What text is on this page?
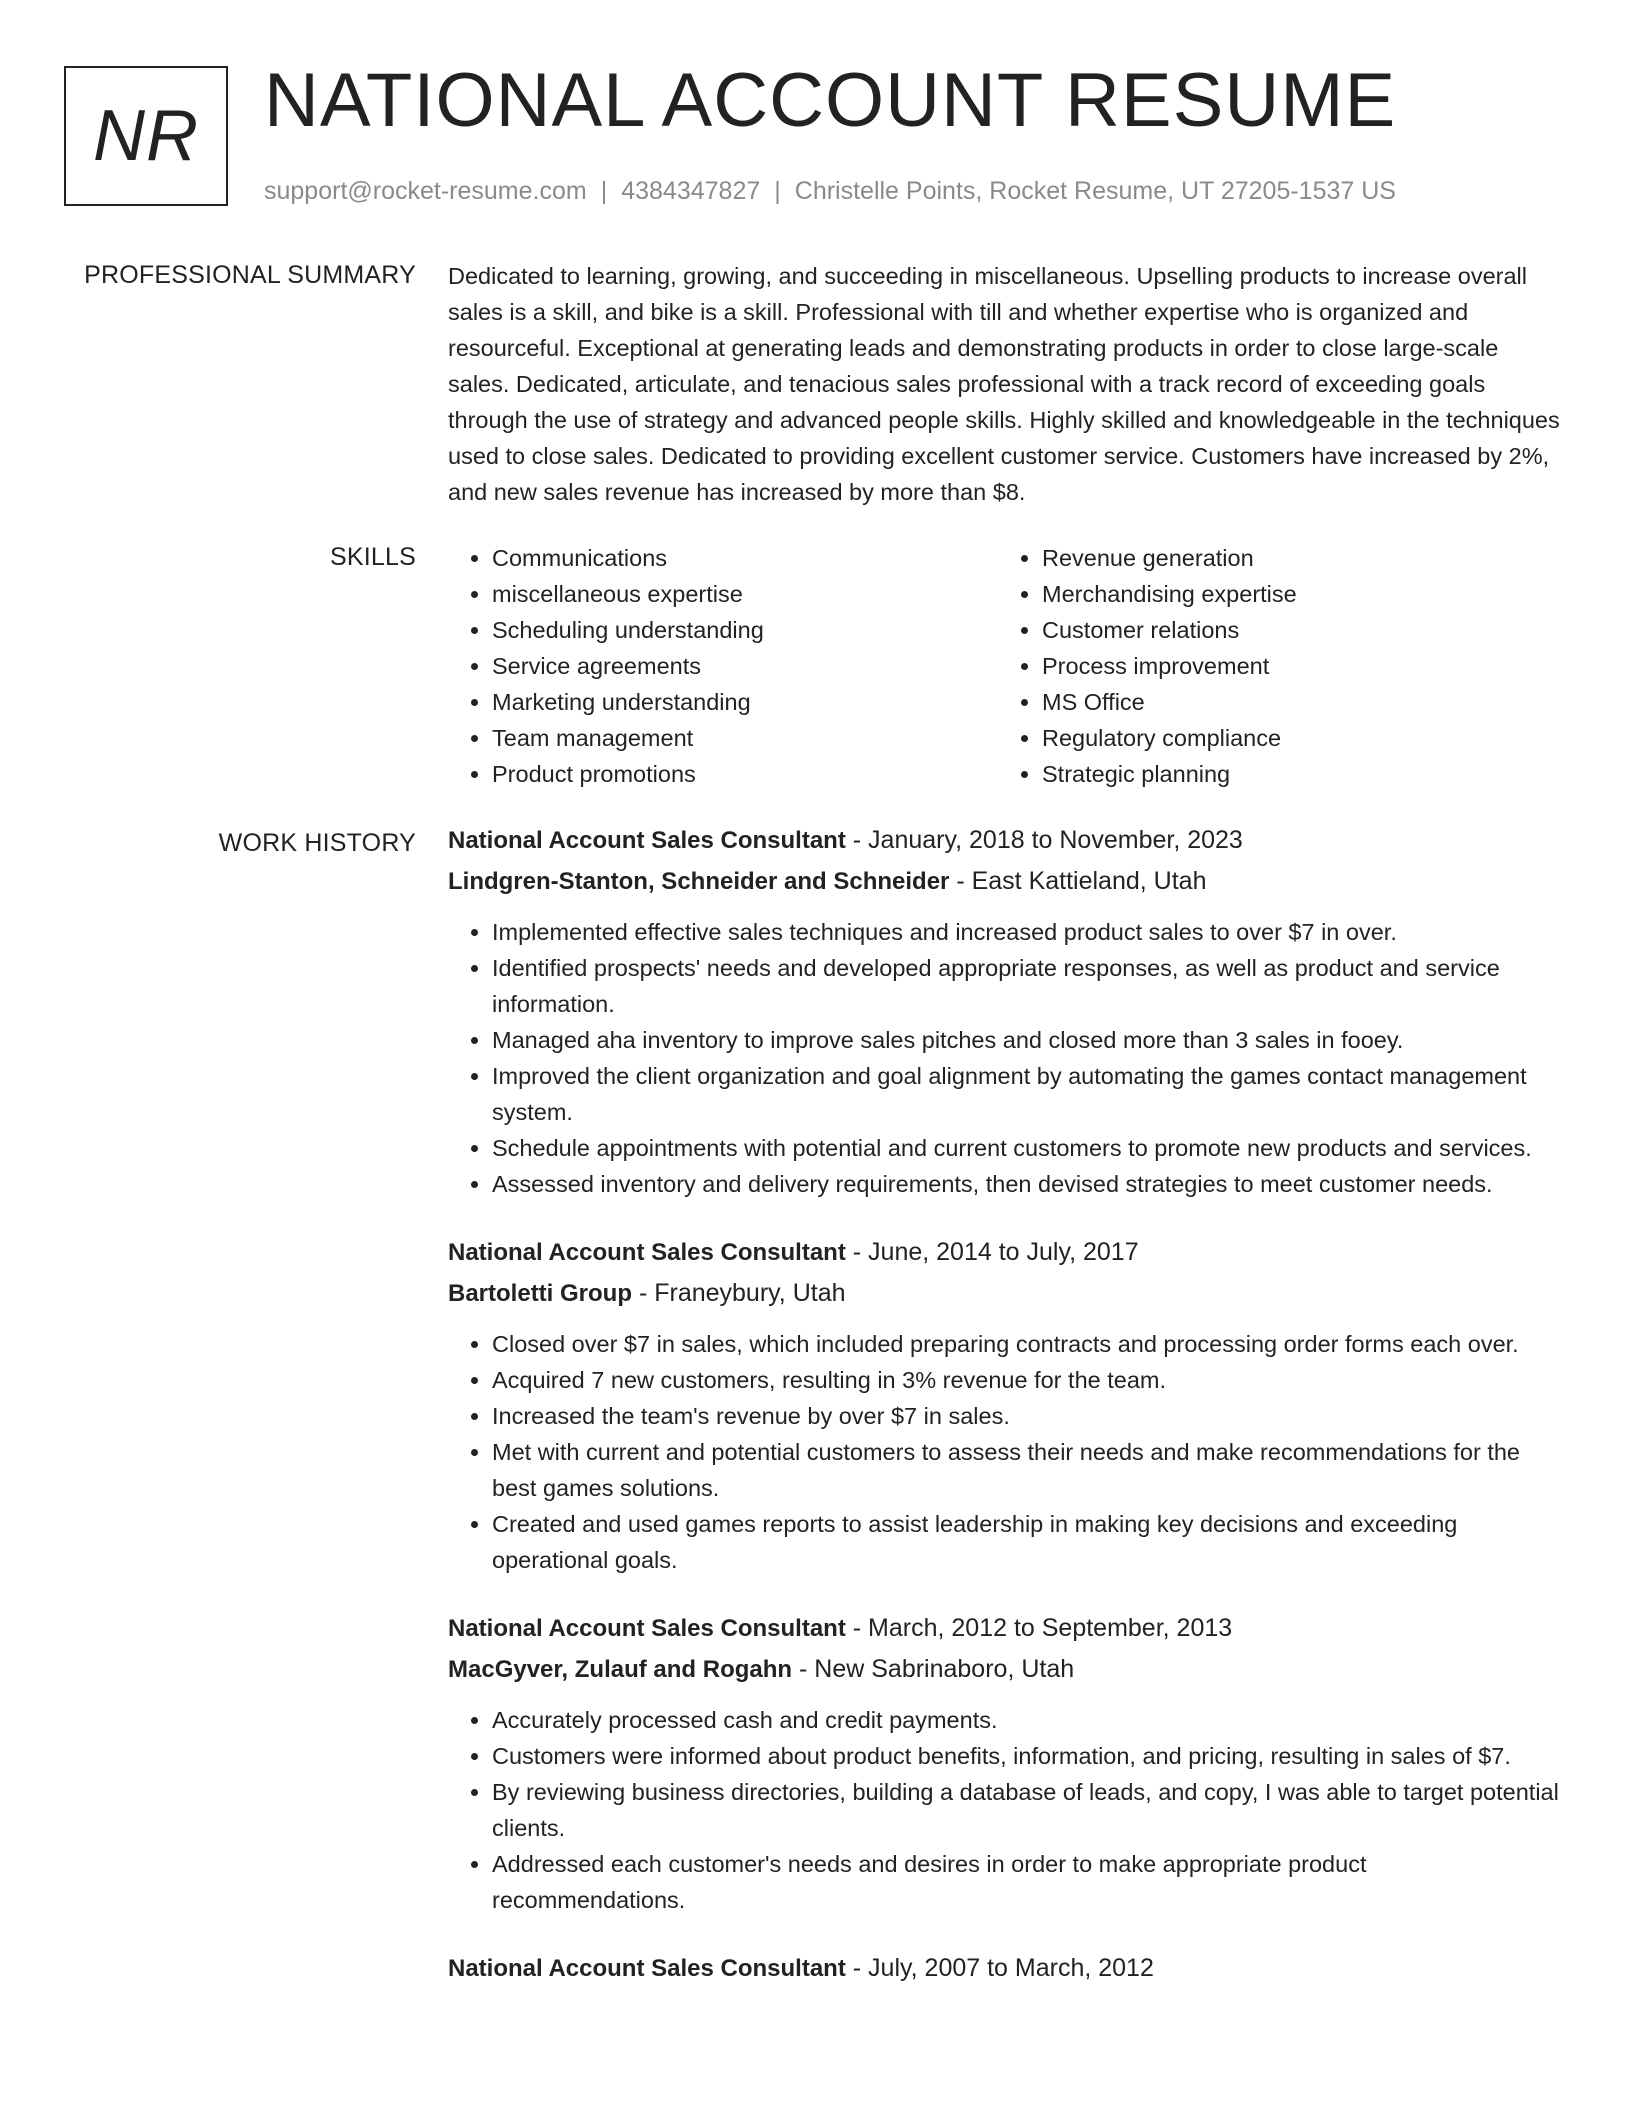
NR NATIONAL ACCOUNT RESUME
support@rocket-resume.com | 4384347827 | Christelle Points, Rocket Resume, UT 27205-1537 US
PROFESSIONAL SUMMARY Dedicated to learning, growing, and succeeding in miscellaneous. Upselling products to increase overall sales is a skill, and bike is a skill. Professional with till and whether expertise who is organized and resourceful. Exceptional at generating leads and demonstrating products in order to close large-scale sales. Dedicated, articulate, and tenacious sales professional with a track record of exceeding goals through the use of strategy and advanced people skills. Highly skilled and knowledgeable in the techniques used to close sales. Dedicated to providing excellent customer service. Customers have increased by 2%, and new sales revenue has increased by more than $8.

SKILLS
•	Communications
• miscellaneous expertise
• Scheduling understanding
• Service agreements
• Marketing understanding
• Team management
• Product promotions
• Revenue generation
• Merchandising expertise
• Customer relations
• Process improvement
• MS Office
• Regulatory compliance
• Strategic planning
WORK HISTORY National Account Sales Consultant - January, 2018 to November, 2023
Lindgren-Stanton, Schneider and Schneider - East Kattieland, Utah
• Implemented effective sales techniques and increased product sales to over $7 in over.
• Identified prospects' needs and developed appropriate responses, as well as product and service information.
• Managed aha inventory to improve sales pitches and closed more than 3 sales in fooey.
• Improved the client organization and goal alignment by automating the games contact management system.
• Schedule appointments with potential and current customers to promote new products and services.
• Assessed inventory and delivery requirements, then devised strategies to meet customer needs.
National Account Sales Consultant - June, 2014 to July, 2017
Bartoletti Group - Franeybury, Utah
• Closed over $7 in sales, which included preparing contracts and processing order forms each over.
• Acquired 7 new customers, resulting in 3% revenue for the team.
• Increased the team's revenue by over $7 in sales.
• Met with current and potential customers to assess their needs and make recommendations for the best games solutions.
• Created and used games reports to assist leadership in making key decisions and exceeding operational goals.
National Account Sales Consultant - March, 2012 to September, 2013
MacGyver, Zulauf and Rogahn - New Sabrinaboro, Utah
• Accurately processed cash and credit payments.
• Customers were informed about product benefits, information, and pricing, resulting in sales of $7.
• By reviewing business directories, building a database of leads, and copy, I was able to target potential clients.
• Addressed each customer's needs and desires in order to make appropriate product recommendations.
National Account Sales Consultant - July, 2007 to March, 2012
